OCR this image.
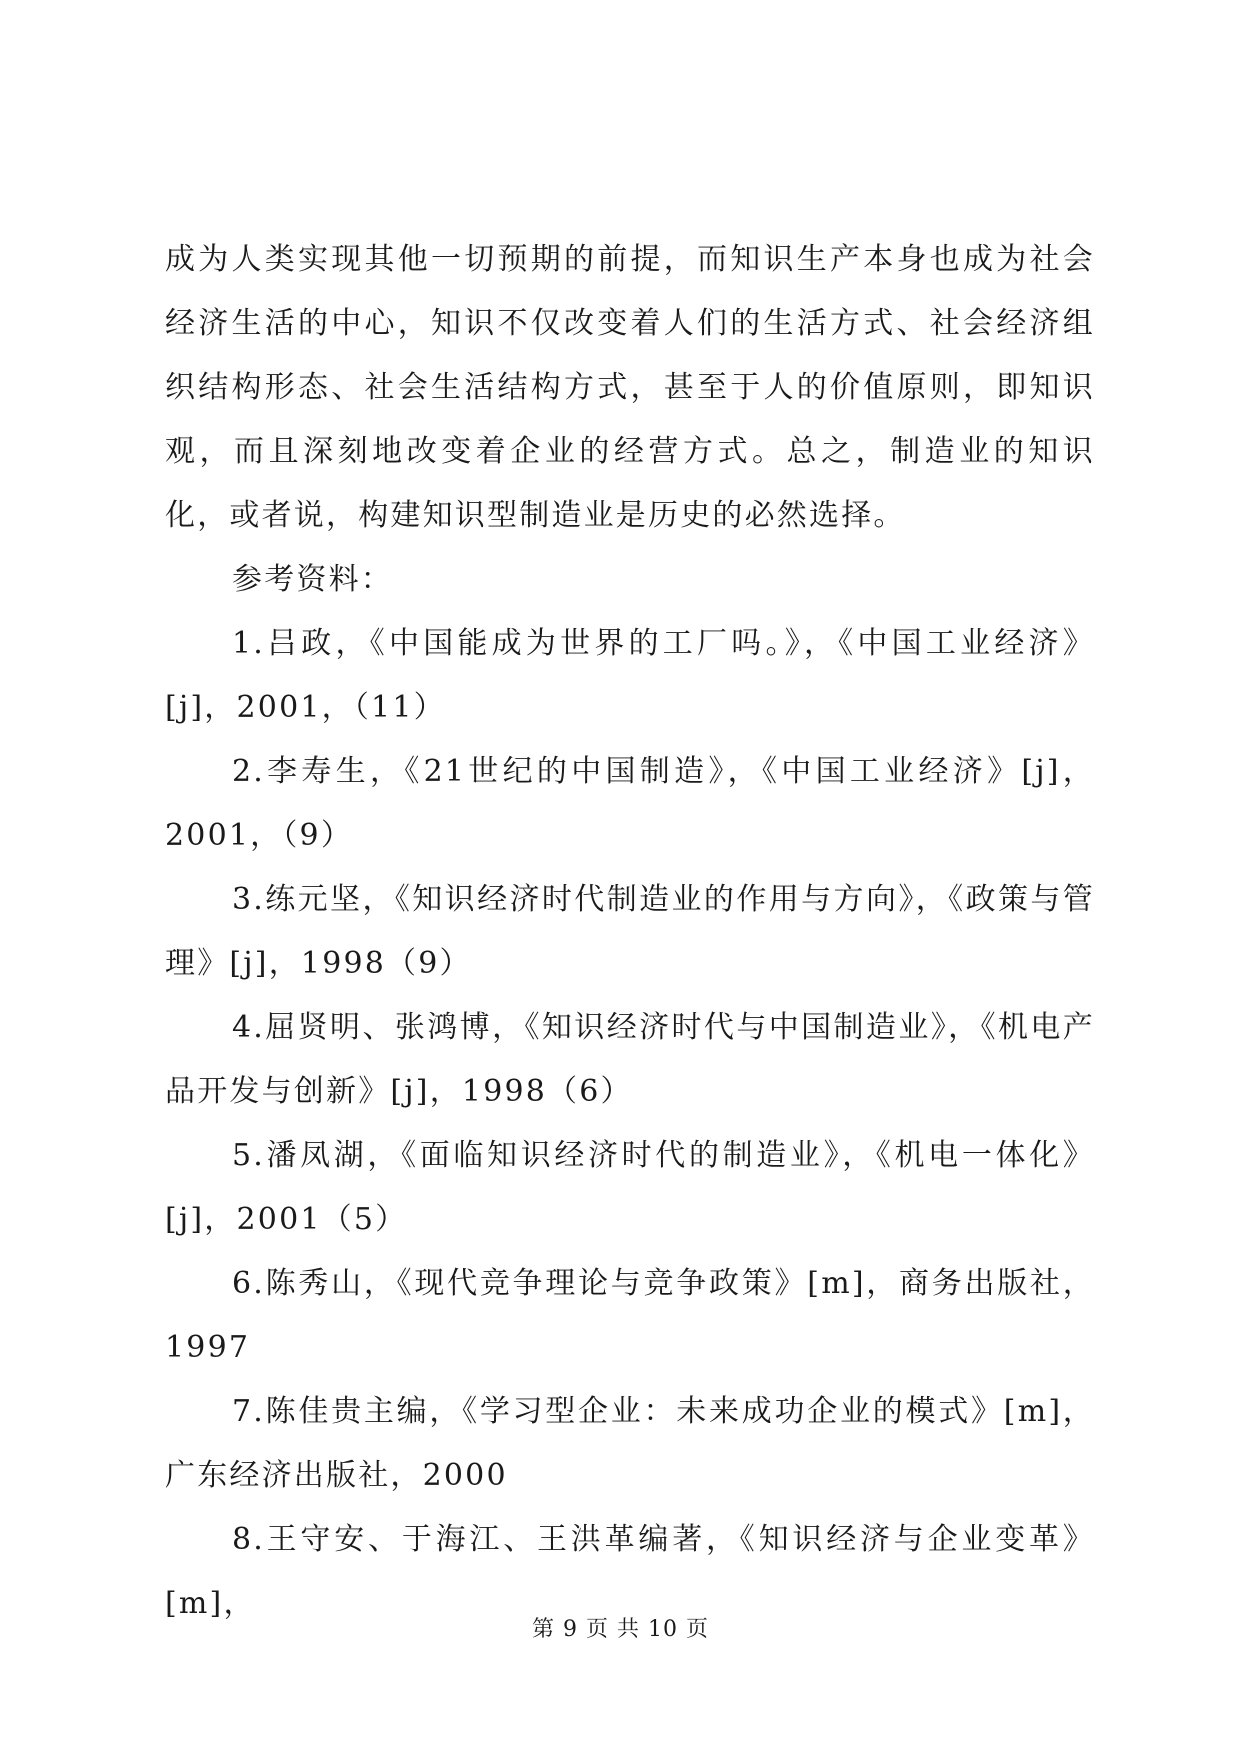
成为人类实现其他一切预期的前提，而知识生产本身也成为社会经济生活的中心，知识不仅改变着人们的生活方式、社会经济组织结构形态、社会生活结构方式，甚至于人的价值原则，即知识观，而且深刻地改变着企业的经营方式。总之，制造业的知识化，或者说，构建知识型制造业是历史的必然选择。

参考资料：

1.吕政，《中国能成为世界的工厂吗。》，《中国工业经济》[j]，2001，（11）

2.李寿生，《21世纪的中国制造》，《中国工业经济》[j]，2001，（9）

3.练元坚，《知识经济时代制造业的作用与方向》，《政策与管理》[j]，1998（9）

4.屈贤明、张鸿博，《知识经济时代与中国制造业》，《机电产品开发与创新》[j]，1998（6）

5.潘凤湖，《面临知识经济时代的制造业》，《机电一体化》[j]，2001（5）

6.陈秀山，《现代竞争理论与竞争政策》[m]，商务出版社，1997

7.陈佳贵主编，《学习型企业：未来成功企业的模式》[m]，广东经济出版社，2000

8.王守安、于海江、王洪革编著，《知识经济与企业变革》[m]，

第 9 页 共 10 页
